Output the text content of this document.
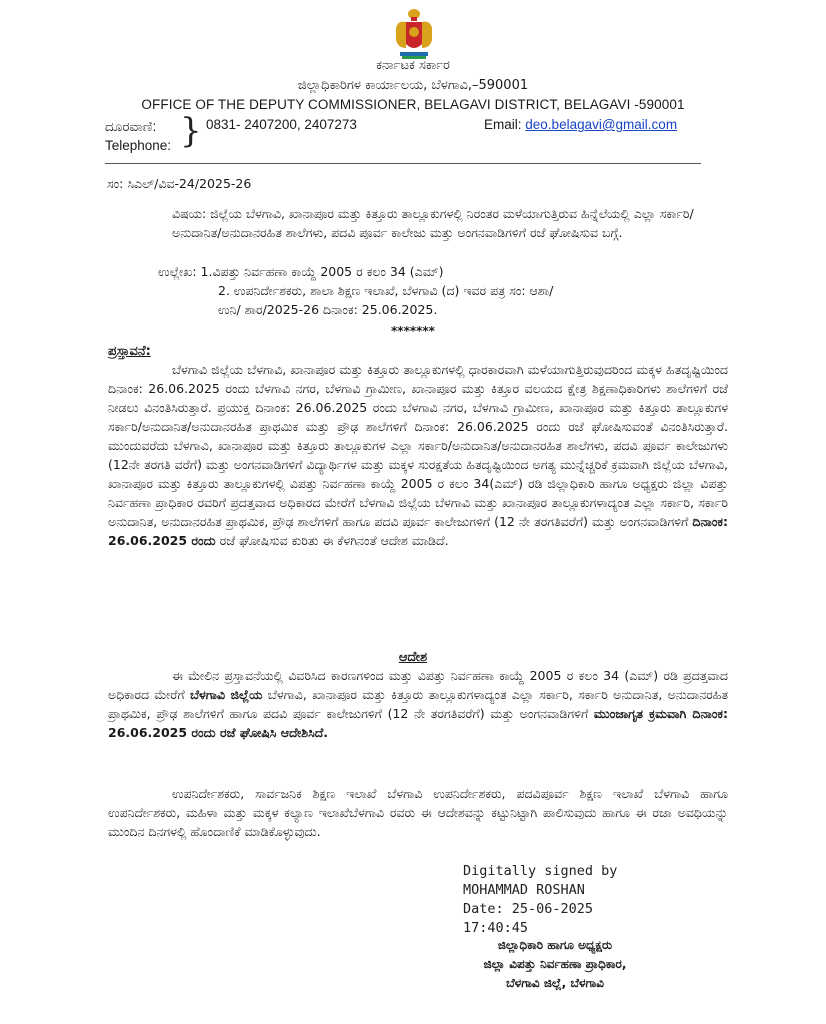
ಕರ್ನಾಟಕ ಸರ್ಕಾರ
ಜಿಲ್ಲಾಧಿಕಾರಿಗಳ ಕಾರ್ಯಾಲಯ, ಬೆಳಗಾವಿ,–590001
OFFICE OF THE DEPUTY COMMISSIONER, BELAGAVI DISTRICT, BELAGAVI -590001
ದೂರವಾಣಿ:
Telephone: } 0831- 2407200, 2407273	Email: deo.belagavi@gmail.com
ಸಂ: ಸಿಎಲ್/ವಿವ-24/2025-26
ವಿಷಯ: ಜಿಲ್ಲೆಯ ಬೆಳಗಾವಿ, ಖಾನಾಪೂರ ಮತ್ತು ಕಿತ್ತೂರು ತಾಲ್ಲೂಕುಗಳಲ್ಲಿ ನಿರಂತರ ಮಳೆಯಾಗುತ್ತಿರುವ ಹಿನ್ನೆಲೆಯಲ್ಲಿ ಎಲ್ಲಾ ಸರ್ಕಾರಿ/ಅನುದಾನಿತ/ಅನುದಾನರಹಿತ ಶಾಲೆಗಳು, ಪದವಿ ಪೂರ್ವ ಕಾಲೇಜು ಮತ್ತು ಅಂಗನವಾಡಿಗಳಿಗೆ ರಜೆ ಘೋಷಿಸುವ ಬಗ್ಗೆ.
ಉಲ್ಲೇಖ: 1.ವಿಪತ್ತು ನಿರ್ವಹಣಾ ಕಾಯ್ದೆ 2005 ರ ಕಲಂ 34 (ಎಮ್)
2. ಉಪನಿರ್ದೇಶಕರು, ಶಾಲಾ ಶಿಕ್ಷಣ ಇಲಾಖೆ, ಬೆಳಗಾವಿ (ದ) ಇವರ ಪತ್ರ ಸಂ: ಆಶಾ/
ಉನಿ/ ಶಾರ/2025-26 ದಿನಾಂಕ: 25.06.2025.
*******
ಪ್ರಸ್ತಾವನೆ:
ಬೆಳಗಾವಿ ಜಿಲ್ಲೆಯ ಬೆಳಗಾವಿ, ಖಾನಾಪೂರ ಮತ್ತು ಕಿತ್ತೂರು ತಾಲ್ಲೂಕುಗಳಲ್ಲಿ ಧಾರಕಾರವಾಗಿ ಮಳೆಯಾಗುತ್ತಿರುವುದರಿಂದ ಮಕ್ಕಳ ಹಿತದೃಷ್ಟಿಯಿಂದ ದಿನಾಂಕ: 26.06.2025 ರಂದು ಬೆಳಗಾವಿ ನಗರ, ಬೆಳಗಾವಿ ಗ್ರಾಮೀಣ, ಖಾನಾಪೂರ ಮತ್ತು ಕಿತ್ತೂರ ವಲಯದ ಕ್ಷೇತ್ರ ಶಿಕ್ಷಣಾಧಿಕಾರಿಗಳು ಶಾಲೆಗಳಿಗೆ ರಜೆ ನೀಡಲು ವಿನಂತಿಸಿರುತ್ತಾರೆ. ಪ್ರಯುಕ್ತ ದಿನಾಂಕ: 26.06.2025 ರಂದು ಬೆಳಗಾವಿ ನಗರ, ಬೆಳಗಾವಿ ಗ್ರಾಮೀಣ, ಖಾನಾಪೂರ ಮತ್ತು ಕಿತ್ತೂರು ತಾಲ್ಲೂಕುಗಳ ಸರ್ಕಾರಿ/ಅನುದಾನಿತ/ಅನುದಾನರಹಿತ ಪ್ರಾಥಮಿಕ ಮತ್ತು ಪ್ರೌಢ ಶಾಲೆಗಳಿಗೆ ದಿನಾಂಕ: 26.06.2025 ರಂದು ರಜೆ ಘೋಷಿಸುವಂತೆ ವಿನಂತಿಸಿರುತ್ತಾರೆ. ಮುಂದುವರೆದು ಬೆಳಗಾವಿ, ಖಾನಾಪೂರ ಮತ್ತು ಕಿತ್ತೂರು ತಾಲ್ಲೂಕುಗಳ ಎಲ್ಲಾ ಸರ್ಕಾರಿ/ಅನುದಾನಿತ/ಅನುದಾನರಹಿತ ಶಾಲೆಗಳು, ಪದವಿ ಪೂರ್ವ ಕಾಲೇಜುಗಳು (12ನೇ ತರಗತಿ ವರೆಗೆ) ಮತ್ತು ಅಂಗನವಾಡಿಗಳಿಗೆ ವಿದ್ಯಾರ್ಥಿಗಳ ಮತ್ತು ಮಕ್ಕಳ ಸುರಕ್ಷತೆಯ ಹಿತದೃಷ್ಟಿಯಿಂದ ಅಗತ್ಯ ಮುನ್ನೆಚ್ಚರಿಕೆ ಕ್ರಮವಾಗಿ ಜಿಲ್ಲೆಯ ಬೆಳಗಾವಿ, ಖಾನಾಪೂರ ಮತ್ತು ಕಿತ್ತೂರು ತಾಲ್ಲೂಕುಗಳಲ್ಲಿ ವಿಪತ್ತು ನಿರ್ವಹಣಾ ಕಾಯ್ದೆ 2005 ರ ಕಲಂ 34(ಎಮ್) ರಡಿ ಜಿಲ್ಲಾಧಿಕಾರಿ ಹಾಗೂ ಅಧ್ಯಕ್ಷರು ಜಿಲ್ಲಾ ವಿಪತ್ತು ನಿರ್ವಹಣಾ ಪ್ರಾಧಿಕಾರ ರವರಿಗೆ ಪ್ರದತ್ತವಾದ ಅಧಿಕಾರದ ಮೇರೆಗೆ ಬೆಳಗಾವಿ ಜಿಲ್ಲೆಯ ಬೆಳಗಾವಿ ಮತ್ತು ಖಾನಾಪೂರ ತಾಲ್ಲೂಕುಗಳಾದ್ಯಂತ ಎಲ್ಲಾ ಸರ್ಕಾರಿ, ಸರ್ಕಾರಿ ಅನುದಾನಿತ, ಅನುದಾನರಹಿತ ಪ್ರಾಥಮಿಕ, ಪ್ರೌಢ ಶಾಲೆಗಳಿಗೆ ಹಾಗೂ ಪದವಿ ಪೂರ್ವ ಕಾಲೇಜುಗಳಿಗೆ (12 ನೇ ತರಗತಿವರೆಗೆ) ಮತ್ತು ಅಂಗನವಾಡಿಗಳಿಗೆ ದಿನಾಂಕ: 26.06.2025 ರಂದು ರಜೆ ಘೋಷಿಸುವ ಕುರಿತು ಈ ಕೆಳಗಿನಂತೆ ಆದೇಶ ಮಾಡಿದೆ.
ಆದೇಶ
ಈ ಮೇಲಿನ ಪ್ರಸ್ತಾವನೆಯಲ್ಲಿ ವಿವರಿಸಿದ ಕಾರಣಗಳಿಂದ ಮತ್ತು ವಿಪತ್ತು ನಿರ್ವಹಣಾ ಕಾಯ್ದೆ 2005 ರ ಕಲಂ 34 (ಎಮ್) ರಡಿ ಪ್ರದತ್ತವಾದ ಅಧಿಕಾರದ ಮೇರೆಗೆ ಬೆಳಗಾವಿ ಜಿಲ್ಲೆಯ ಬೆಳಗಾವಿ, ಖಾನಾಪೂರ ಮತ್ತು ಕಿತ್ತೂರು ತಾಲ್ಲೂಕುಗಳಾದ್ಯಂತ ಎಲ್ಲಾ ಸರ್ಕಾರಿ, ಸರ್ಕಾರಿ ಅನುದಾನಿತ, ಅನುದಾನರಹಿತ ಪ್ರಾಥಮಿಕ, ಪ್ರೌಢ ಶಾಲೆಗಳಿಗೆ ಹಾಗೂ ಪದವಿ ಪೂರ್ವ ಕಾಲೇಜುಗಳಿಗೆ (12 ನೇ ತರಗತಿವರೆಗೆ) ಮತ್ತು ಅಂಗನವಾಡಿಗಳಿಗೆ ಮುಂಜಾಗೃತ ಕ್ರಮವಾಗಿ ದಿನಾಂಕ: 26.06.2025 ರಂದು ರಜೆ ಘೋಷಿಸಿ ಆದೇಶಿಸಿದೆ.
ಉಪನಿರ್ದೇಶಕರು, ಸಾರ್ವಜನಿಕ ಶಿಕ್ಷಣ ಇಲಾಖೆ ಬೆಳಗಾವಿ ಉಪನಿರ್ದೇಶಕರು, ಪದವಿಪೂರ್ವ ಶಿಕ್ಷಣ ಇಲಾಖೆ ಬೆಳಗಾವಿ ಹಾಗೂ ಉಪನಿರ್ದೇಶಕರು, ಮಹಿಳಾ ಮತ್ತು ಮಕ್ಕಳ ಕಲ್ಯಾಣ ಇಲಾಖೆಬೆಳಗಾವಿ ರವರು ಈ ಆದೇಶವನ್ನು ಕಟ್ಟುನಿಟ್ಟಾಗಿ ಪಾಲಿಸುವುದು ಹಾಗೂ ಈ ರಜಾ ಅವಧಿಯನ್ನು ಮುಂದಿನ ದಿನಗಳಲ್ಲಿ ಹೊಂದಾಣಿಕೆ ಮಾಡಿಕೊಳ್ಳುವುದು.
Digitally signed by
MOHAMMAD ROSHAN
Date: 25-06-2025
17:40:45
ಜಿಲ್ಲಾಧಿಕಾರಿ ಹಾಗೂ ಅಧ್ಯಕ್ಷರು
ಜಿಲ್ಲಾ ವಿಪತ್ತು ನಿರ್ವಹಣಾ ಪ್ರಾಧಿಕಾರ,
ಬೆಳಗಾವಿ ಜಿಲ್ಲೆ, ಬೆಳಗಾವಿ
